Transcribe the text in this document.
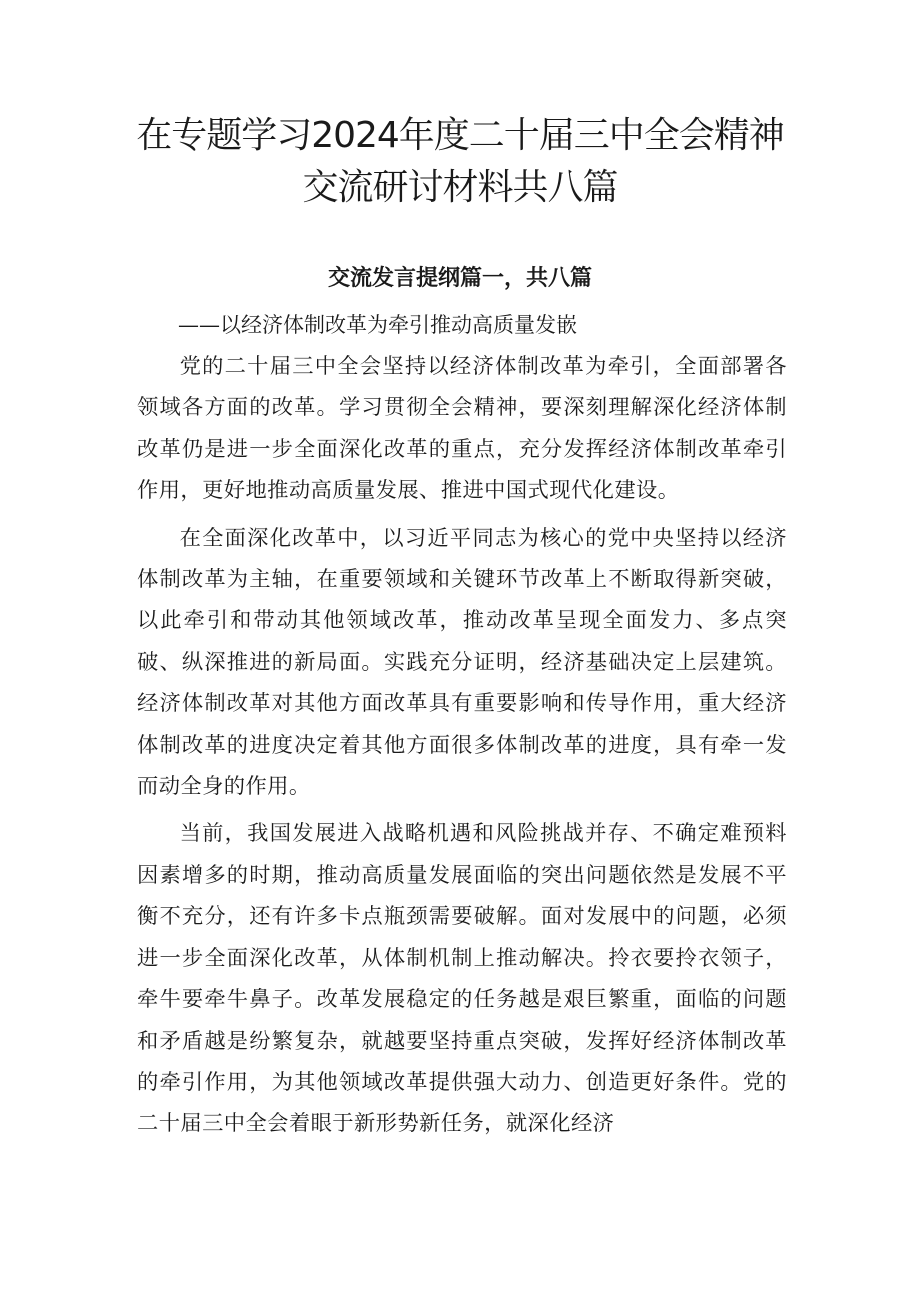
在专题学习2024年度二十届三中全会精神
交流研讨材料共八篇
交流发言提纲篇一，共八篇
——以经济体制改革为牵引推动高质量发嵌

党的二十届三中全会坚持以经济体制改革为牵引，全面部署各领域各方面的改革。学习贯彻全会精神，要深刻理解深化经济体制改革仍是进一步全面深化改革的重点，充分发挥经济体制改革牵引作用，更好地推动高质量发展、推进中国式现代化建设。

在全面深化改革中，以习近平同志为核心的党中央坚持以经济体制改革为主轴，在重要领域和关键环节改革上不断取得新突破，以此牵引和带动其他领域改革，推动改革呈现全面发力、多点突破、纵深推进的新局面。实践充分证明，经济基础决定上层建筑。经济体制改革对其他方面改革具有重要影响和传导作用，重大经济体制改革的进度决定着其他方面很多体制改革的进度，具有牵一发而动全身的作用。

当前，我国发展进入战略机遇和风险挑战并存、不确定难预料因素增多的时期，推动高质量发展面临的突出问题依然是发展不平衡不充分，还有许多卡点瓶颈需要破解。面对发展中的问题，必须进一步全面深化改革，从体制机制上推动解决。拎衣要拎衣领子，牵牛要牵牛鼻子。改革发展稳定的任务越是艰巨繁重，面临的问题和矛盾越是纷繁复杂，就越要坚持重点突破，发挥好经济体制改革的牵引作用，为其他领域改革提供强大动力、创造更好条件。党的二十届三中全会着眼于新形势新任务，就深化经济
